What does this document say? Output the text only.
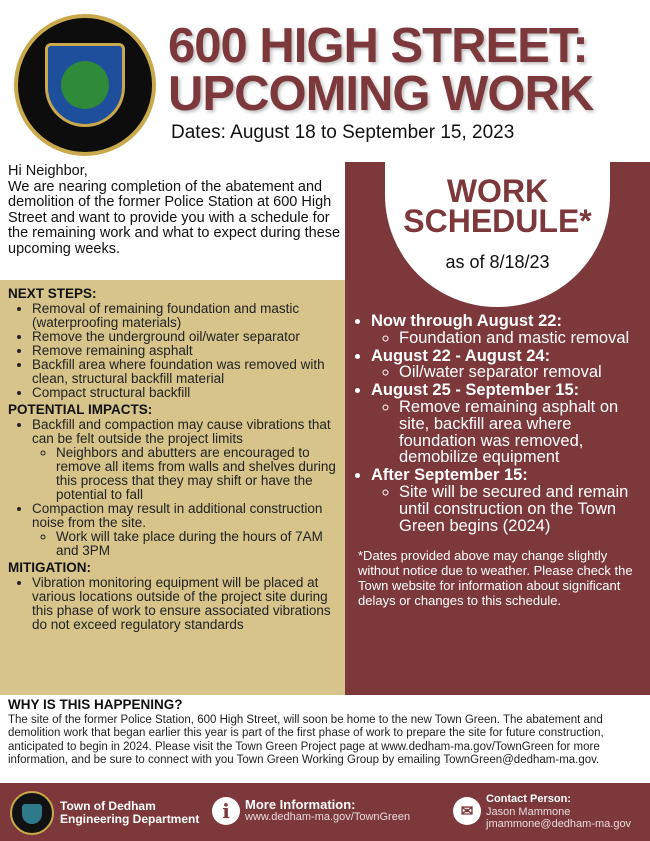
600 HIGH STREET:
UPCOMING WORK
Dates: August 18 to September 15, 2023
Hi Neighbor,
We are nearing completion of the abatement and demolition of the former Police Station at 600 High Street and want to provide you with a schedule for the remaining work and what to expect during these upcoming weeks.
NEXT STEPS:
• Removal of remaining foundation and mastic (waterproofing materials)
• Remove the underground oil/water separator
• Remove remaining asphalt
• Backfill area where foundation was removed with clean, structural backfill material
• Compact structural backfill
POTENTIAL IMPACTS:
• Backfill and compaction may cause vibrations that can be felt outside the project limits
◦ Neighbors and abutters are encouraged to remove all items from walls and shelves during this process that they may shift or have the potential to fall
• Compaction may result in additional construction noise from the site.
◦ Work will take place during the hours of 7AM and 3PM
MITIGATION:
• Vibration monitoring equipment will be placed at various locations outside of the project site during this phase of work to ensure associated vibrations do not exceed regulatory standards
WORK
SCHEDULE*
as of 8/18/23
• Now through August 22:
◦ Foundation and mastic removal
• August 22 - August 24:
◦ Oil/water separator removal
• August 25 - September 15:
◦ Remove remaining asphalt on site, backfill area where foundation was removed, demobilize equipment
• After September 15:
◦ Site will be secured and remain until construction on the Town Green begins (2024)
*Dates provided above may change slightly without notice due to weather. Please check the Town website for information about significant delays or changes to this schedule.
WHY IS THIS HAPPENING?

The site of the former Police Station, 600 High Street, will soon be home to the new Town Green. The abatement and demolition work that began earlier this year is part of the first phase of work to prepare the site for future construction, anticipated to begin in 2024. Please visit the Town Green Project page at www.dedham-ma.gov/TownGreen for more information, and be sure to connect with you Town Green Working Group by emailing TownGreen@dedham-ma.gov.

Town of Dedham
Engineering Department	i	More Information:
www.dedham-ma.gov/TownGreen	✉
Contact Person:
Jason Mammone
jmammone@dedham-ma.gov
